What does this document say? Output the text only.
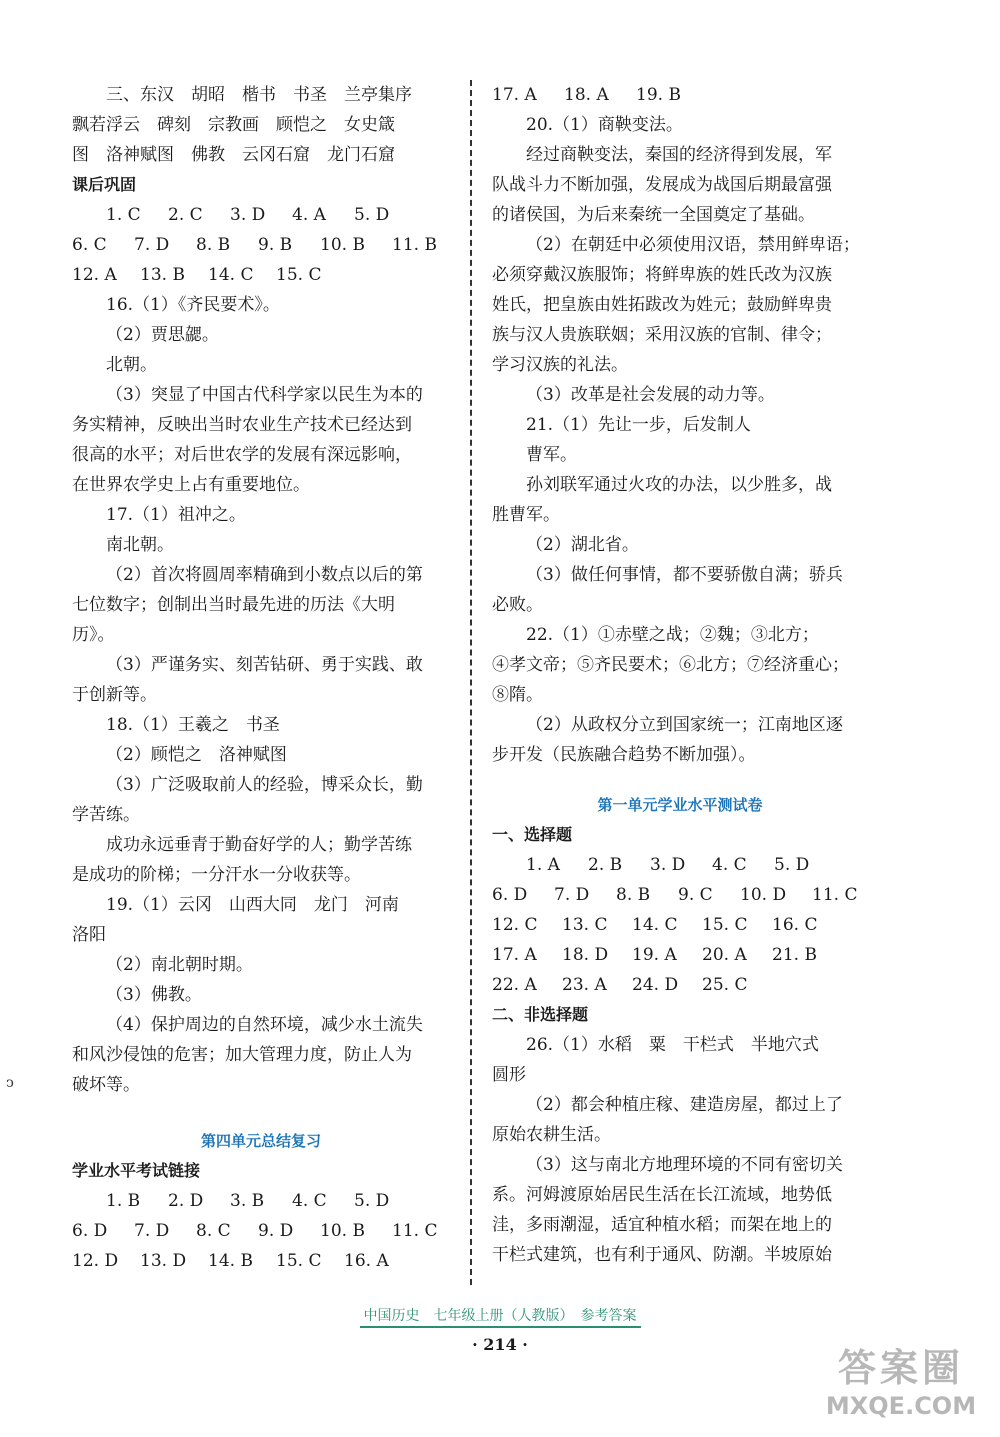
三、东汉　胡昭　楷书　书圣　兰亭集序
飘若浮云　碑刻　宗教画　顾恺之　女史箴
图　洛神赋图　佛教　云冈石窟　龙门石窟
课后巩固
1. C 2. C 3. D 4. A 5. D
6. C 7. D 8. B 9. B 10. B 11. B
12. A 13. B 14. C 15. C
16.（1）《齐民要术》。
（2）贾思勰。
北朝。
（3）突显了中国古代科学家以民生为本的
务实精神，反映出当时农业生产技术已经达到
很高的水平；对后世农学的发展有深远影响，
在世界农学史上占有重要地位。
17.（1）祖冲之。
南北朝。
（2）首次将圆周率精确到小数点以后的第
七位数字；创制出当时最先进的历法《大明
历》。
（3）严谨务实、刻苦钻研、勇于实践、敢
于创新等。
18.（1）王羲之　书圣
（2）顾恺之　洛神赋图
（3）广泛吸取前人的经验，博采众长，勤
学苦练。
成功永远垂青于勤奋好学的人；勤学苦练
是成功的阶梯；一分汗水一分收获等。
19.（1）云冈　山西大同　龙门　河南
洛阳
（2）南北朝时期。
（3）佛教。
（4）保护周边的自然环境，减少水土流失
和风沙侵蚀的危害；加大管理力度，防止人为
破坏等。
第四单元总结复习
学业水平考试链接
1. B 2. D 3. B 4. C 5. D
6. D 7. D 8. C 9. D 10. B 11. C
12. D 13. D 14. B 15. C 16. A
17. A 18. A 19. B
20.（1）商鞅变法。
经过商鞅变法，秦国的经济得到发展，军
队战斗力不断加强，发展成为战国后期最富强
的诸侯国，为后来秦统一全国奠定了基础。
（2）在朝廷中必须使用汉语，禁用鲜卑语；
必须穿戴汉族服饰；将鲜卑族的姓氏改为汉族
姓氏，把皇族由姓拓跋改为姓元；鼓励鲜卑贵
族与汉人贵族联姻；采用汉族的官制、律令；
学习汉族的礼法。
（3）改革是社会发展的动力等。
21.（1）先让一步，后发制人
曹军。
孙刘联军通过火攻的办法，以少胜多，战
胜曹军。
（2）湖北省。
（3）做任何事情，都不要骄傲自满；骄兵
必败。
22.（1）①赤壁之战；②魏；③北方；
④孝文帝；⑤齐民要术；⑥北方；⑦经济重心；
⑧隋。
（2）从政权分立到国家统一；江南地区逐
步开发（民族融合趋势不断加强）。
第一单元学业水平测试卷
一、选择题
1. A 2. B 3. D 4. C 5. D
6. D 7. D 8. B 9. C 10. D 11. C
12. C 13. C 14. C 15. C 16. C
17. A 18. D 19. A 20. A 21. B
22. A 23. A 24. D 25. C
二、非选择题
26.（1）水稻　粟　干栏式　半地穴式
圆形
（2）都会种植庄稼、建造房屋，都过上了
原始农耕生活。
（3）这与南北方地理环境的不同有密切关
系。河姆渡原始居民生活在长江流域，地势低
洼，多雨潮湿，适宜种植水稻；而架在地上的
干栏式建筑，也有利于通风、防潮。半坡原始
ↄ
中国历史　七年级上册（人教版）　参考答案
· 214 ·
答案圈
MXQE.COM
